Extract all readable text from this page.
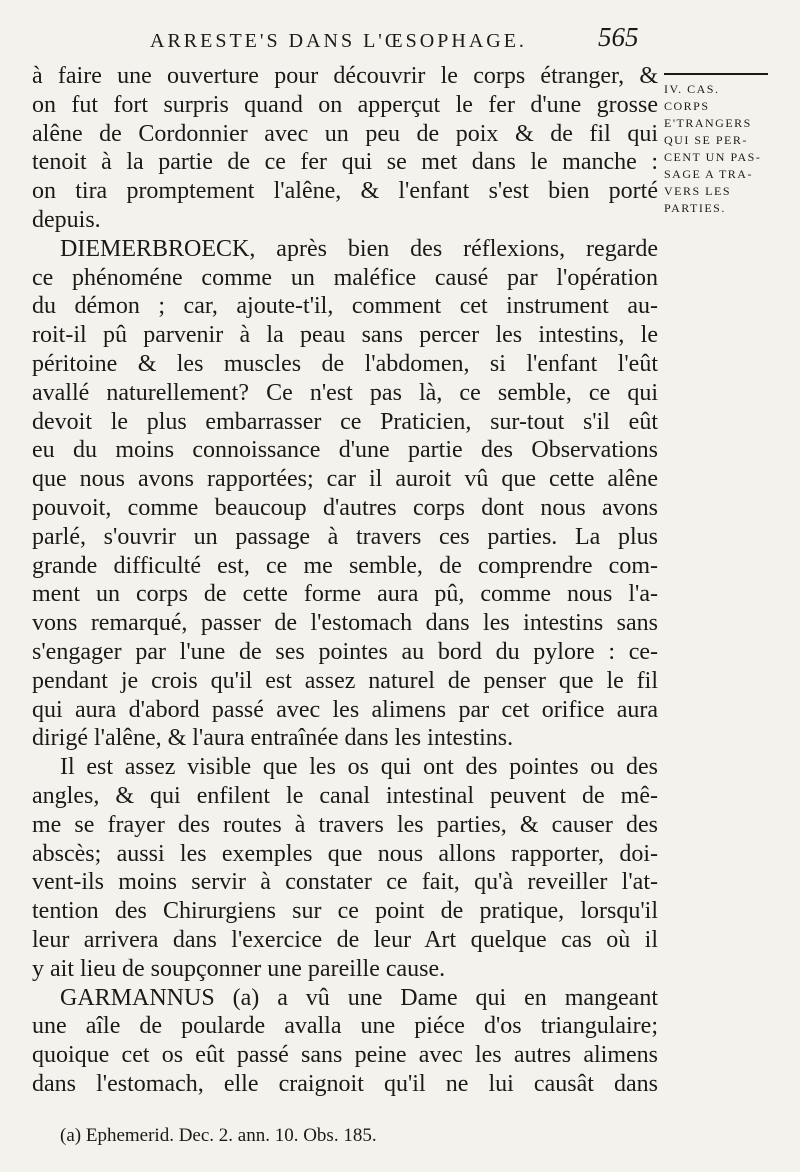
ARRESTE'S DANS L'ŒSOPHAGE.	565
IV. CAS.
CORPS
E'TRANGERS
QUI SE PER-
CENT UN PAS-
SAGE A TRA-
VERS LES
PARTIES.
à faire une ouverture pour découvrir le corps étranger, &
on fut fort surpris quand on apperçut le fer d'une grosse
alêne de Cordonnier avec un peu de poix & de fil qui
tenoit à la partie de ce fer qui se met dans le manche :
on tira promptement l'alêne, & l'enfant s'est bien porté
depuis.
DIEMERBROECK, après bien des réflexions, regarde
ce phénoméne comme un maléfice causé par l'opération
du démon ; car, ajoute-t'il, comment cet instrument au-
roit-il pû parvenir à la peau sans percer les intestins, le
péritoine & les muscles de l'abdomen, si l'enfant l'eût
avallé naturellement? Ce n'est pas là, ce semble, ce qui
devoit le plus embarrasser ce Praticien, sur-tout s'il eût
eu du moins connoissance d'une partie des Observations
que nous avons rapportées; car il auroit vû que cette alêne
pouvoit, comme beaucoup d'autres corps dont nous avons
parlé, s'ouvrir un passage à travers ces parties. La plus
grande difficulté est, ce me semble, de comprendre com-
ment un corps de cette forme aura pû, comme nous l'a-
vons remarqué, passer de l'estomach dans les intestins sans
s'engager par l'une de ses pointes au bord du pylore : ce-
pendant je crois qu'il est assez naturel de penser que le fil
qui aura d'abord passé avec les alimens par cet orifice aura
dirigé l'alêne, & l'aura entraînée dans les intestins.
Il est assez visible que les os qui ont des pointes ou des
angles, & qui enfilent le canal intestinal peuvent de mê-
me se frayer des routes à travers les parties, & causer des
abscès; aussi les exemples que nous allons rapporter, doi-
vent-ils moins servir à constater ce fait, qu'à reveiller l'at-
tention des Chirurgiens sur ce point de pratique, lorsqu'il
leur arrivera dans l'exercice de leur Art quelque cas où il
y ait lieu de soupçonner une pareille cause.
GARMANNUS (a) a vû une Dame qui en mangeant
une aîle de poularde avalla une piéce d'os triangulaire;
quoique cet os eût passé sans peine avec les autres alimens
dans l'estomach, elle craignoit qu'il ne lui causât dans
(a) Ephemerid. Dec. 2. ann. 10. Obs. 185.
